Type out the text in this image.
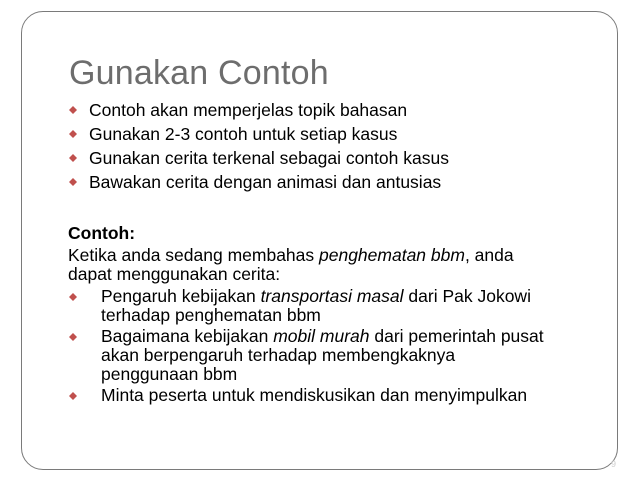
Gunakan Contoh
Contoh akan memperjelas topik bahasan
Gunakan 2-3 contoh untuk setiap kasus
Gunakan cerita terkenal sebagai contoh kasus
Bawakan cerita dengan animasi dan antusias
Contoh:
Ketika anda sedang membahas penghematan bbm, anda
dapat menggunakan cerita:
Pengaruh kebijakan transportasi masal dari Pak Jokowi
terhadap penghematan bbm
Bagaimana kebijakan mobil murah dari pemerintah pusat
akan berpengaruh terhadap membengkaknya
penggunaan bbm
Minta peserta untuk mendiskusikan dan menyimpulkan
9
